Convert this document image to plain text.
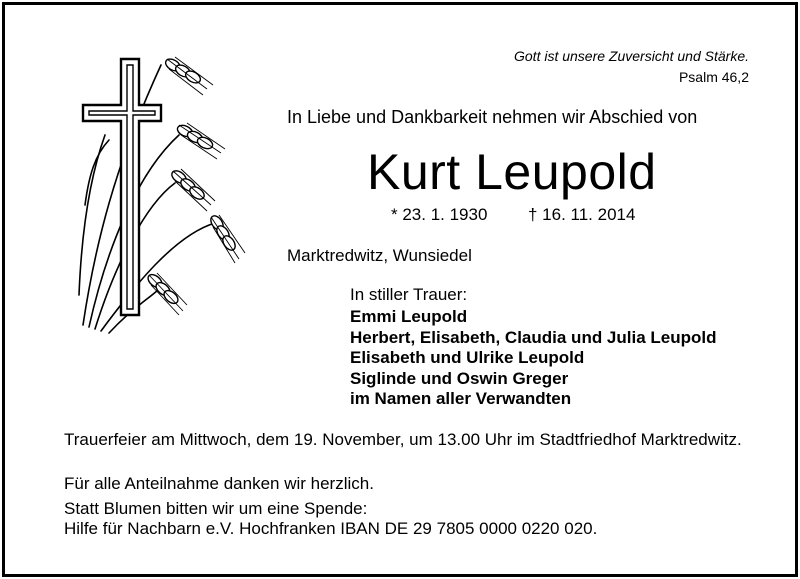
Gott ist unsere Zuversicht und Stärke.
Psalm 46,2
In Liebe und Dankbarkeit nehmen wir Abschied von
Kurt Leupold
* 23. 1. 1930 † 16. 11. 2014
Marktredwitz, Wunsiedel
In stiller Trauer:
Emmi Leupold
Herbert, Elisabeth, Claudia und Julia Leupold
Elisabeth und Ulrike Leupold
Siglinde und Oswin Greger
im Namen aller Verwandten
Trauerfeier am Mittwoch, dem 19. November, um 13.00 Uhr im Stadtfriedhof Marktredwitz.
Für alle Anteilnahme danken wir herzlich.
Statt Blumen bitten wir um eine Spende:
Hilfe für Nachbarn e.V. Hochfranken IBAN DE 29 7805 0000 0220 020.
